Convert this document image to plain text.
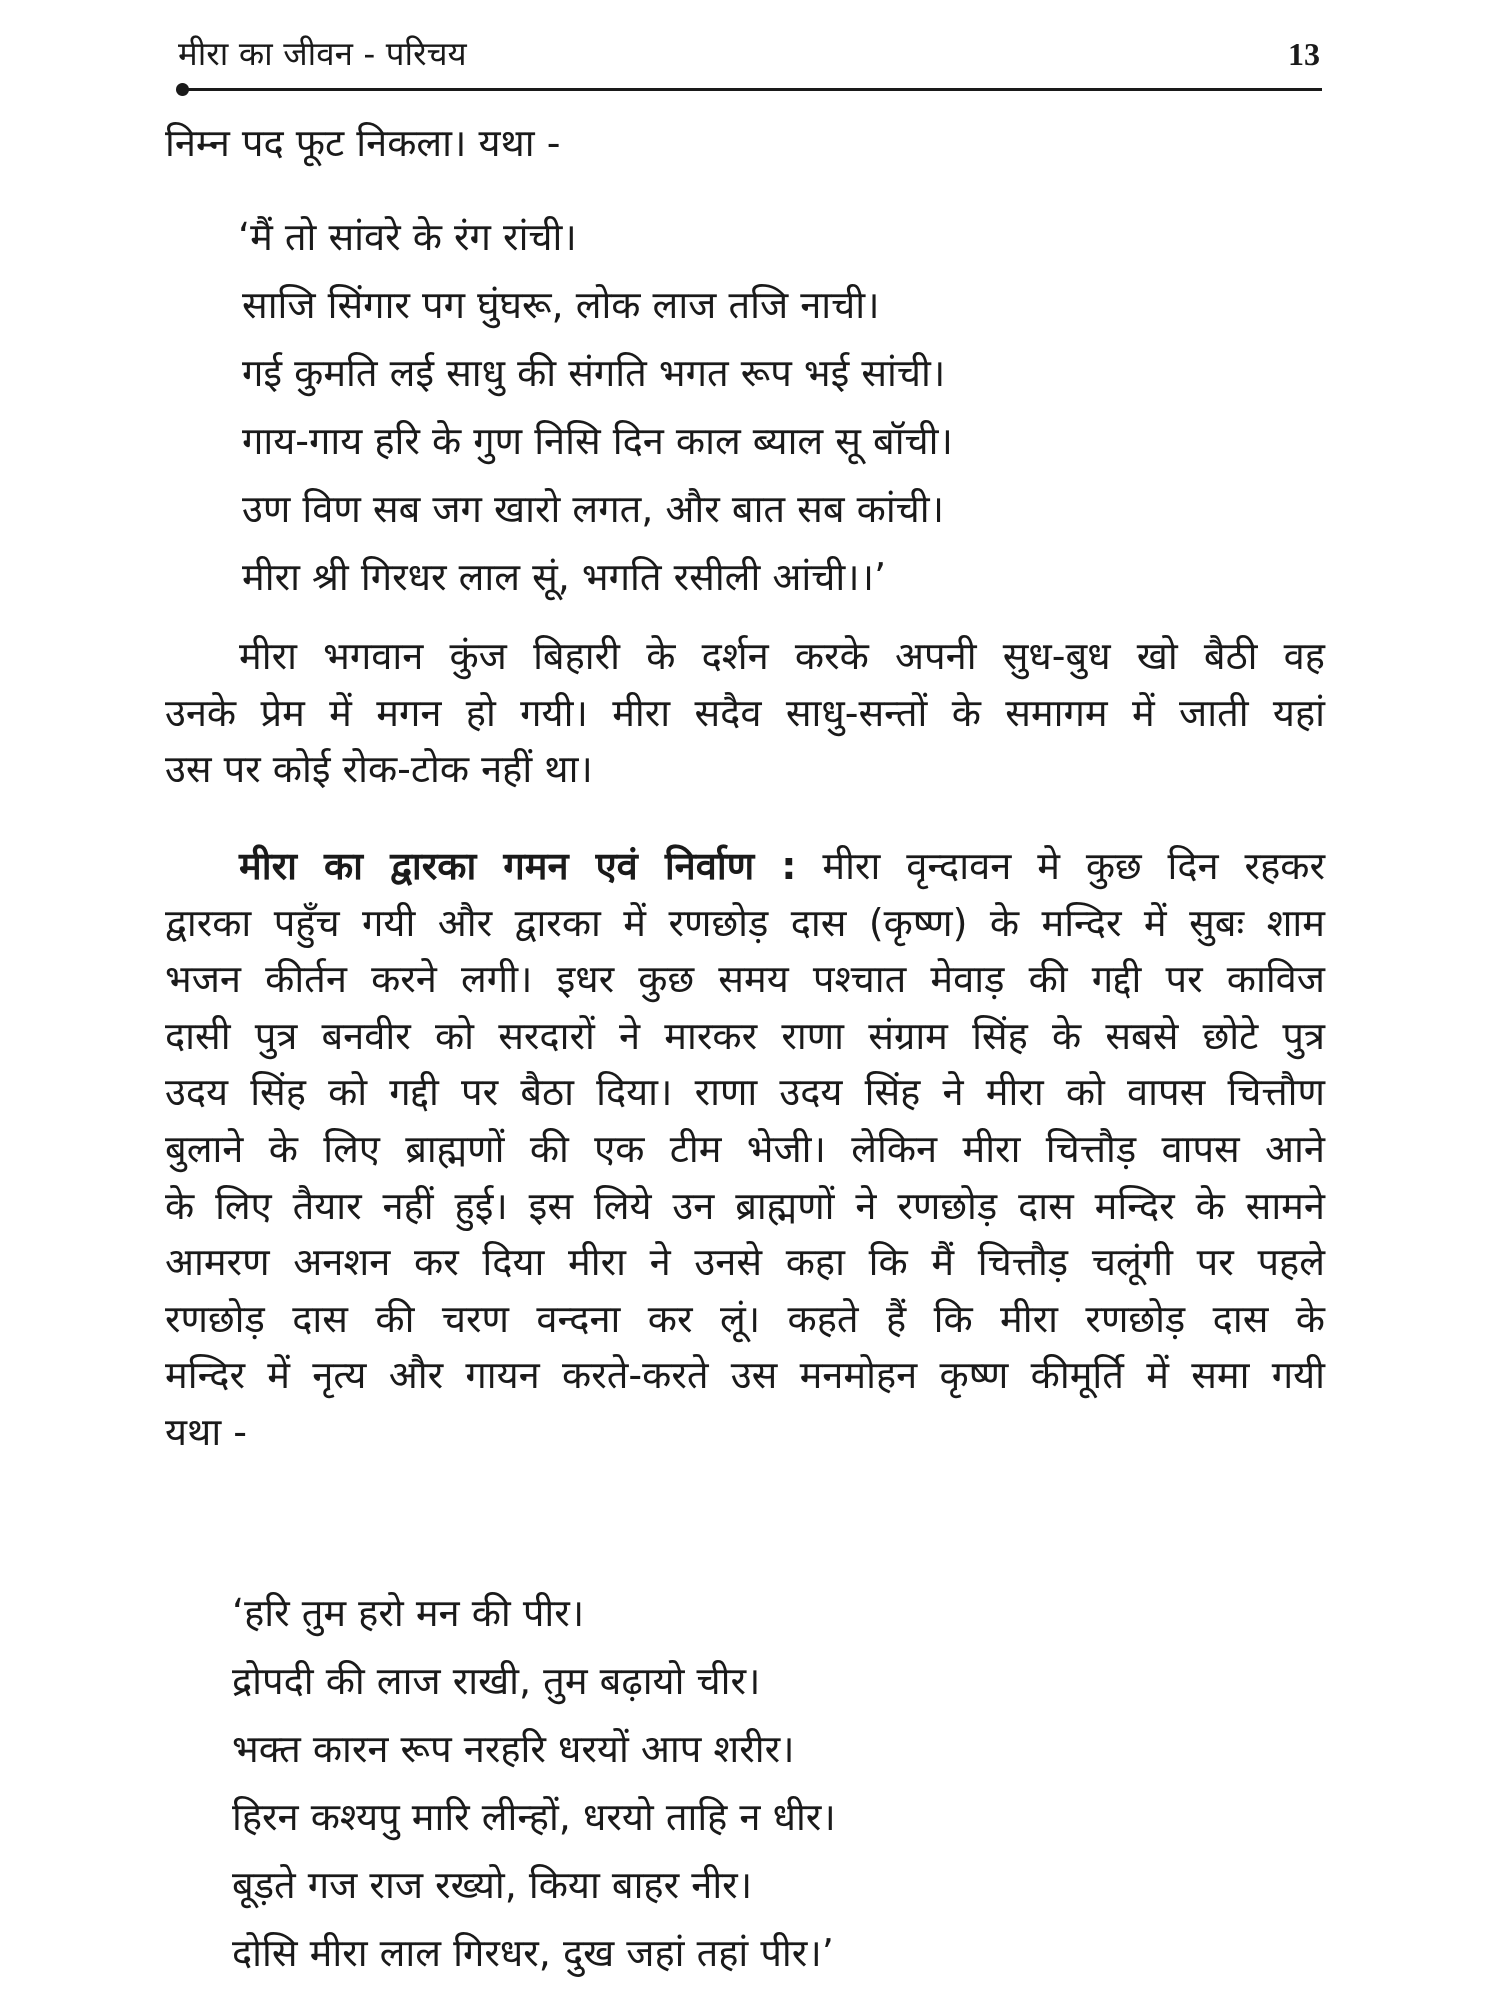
मीरा का जीवन - परिचय	13
निम्न पद फूट निकला। यथा -
‘मैं तो सांवरे के रंग रांची।
साजि सिंगार पग घुंघरू, लोक लाज तजि नाची।
गई कुमति लई साधु की संगति भगत रूप भई सांची।
गाय-गाय हरि के गुण निसि दिन काल ब्याल सू बॉची।
उण विण सब जग खारो लगत, और बात सब कांची।
मीरा श्री गिरधर लाल सूं, भगति रसीली आंची।।’
मीरा भगवान कुंज बिहारी के दर्शन करके अपनी सुध-बुध खो बैठी वह
उनके प्रेम में मगन हो गयी। मीरा सदैव साधु-सन्तों के समागम में जाती यहां
उस पर कोई रोक-टोक नहीं था।
मीरा का द्वारका गमन एवं निर्वाण : मीरा वृन्दावन मे कुछ दिन रहकर
द्वारका पहुँच गयी और द्वारका में रणछोड़ दास (कृष्ण) के मन्दिर में सुबः शाम
भजन कीर्तन करने लगी। इधर कुछ समय पश्चात मेवाड़ की गद्दी पर काविज
दासी पुत्र बनवीर को सरदारों ने मारकर राणा संग्राम सिंह के सबसे छोटे पुत्र
उदय सिंह को गद्दी पर बैठा दिया। राणा उदय सिंह ने मीरा को वापस चित्तौण
बुलाने के लिए ब्राह्मणों की एक टीम भेजी। लेकिन मीरा चित्तौड़ वापस आने
के लिए तैयार नहीं हुई। इस लिये उन ब्राह्मणों ने रणछोड़ दास मन्दिर के सामने
आमरण अनशन कर दिया मीरा ने उनसे कहा कि मैं चित्तौड़ चलूंगी पर पहले
रणछोड़ दास की चरण वन्दना कर लूं। कहते हैं कि मीरा रणछोड़ दास के
मन्दिर में नृत्य और गायन करते-करते उस मनमोहन कृष्ण कीमूर्ति में समा गयी
यथा -
‘हरि तुम हरो मन की पीर।
द्रोपदी की लाज राखी, तुम बढ़ायो चीर।
भक्त कारन रूप नरहरि धरयों आप शरीर।
हिरन कश्यपु मारि लीन्हों, धरयो ताहि न धीर।
बूड़ते गज राज रख्यो, किया बाहर नीर।
दोसि मीरा लाल गिरधर, दुख जहां तहां पीर।’
